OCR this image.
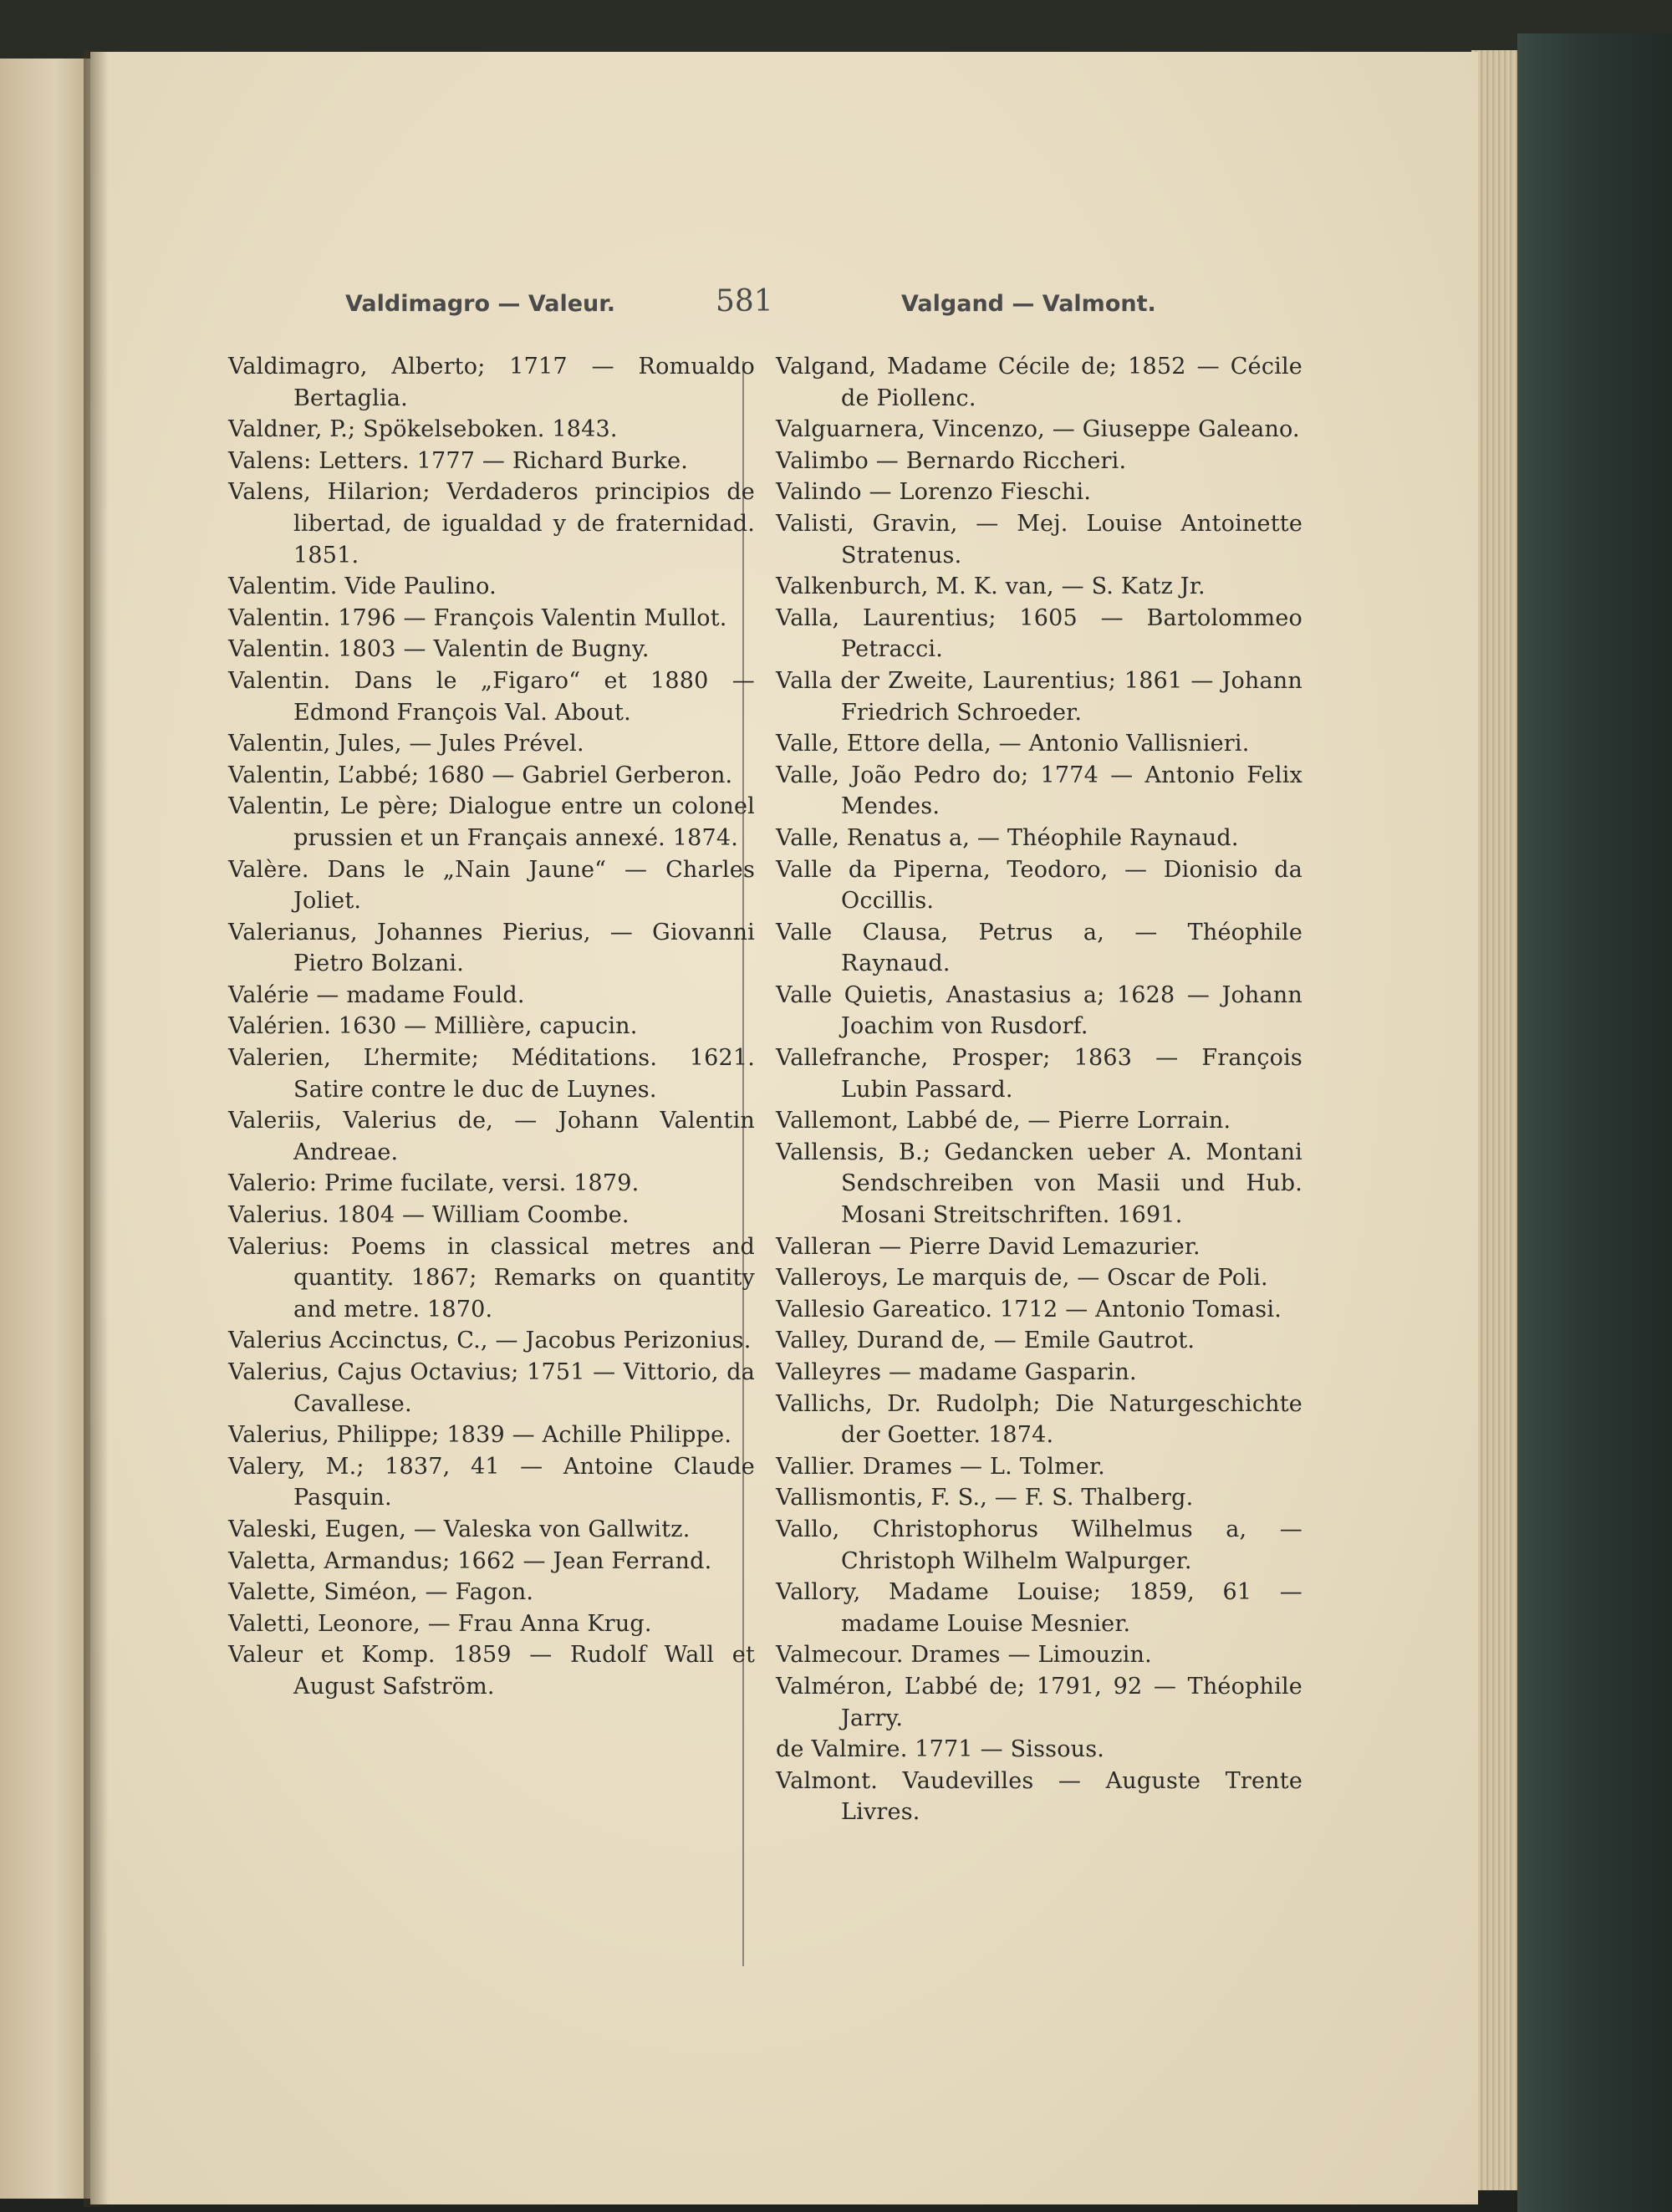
Valdimagro — Valeur.	581	Valgand — Valmont.

Valdimagro, Alberto; 1717 — Romualdo Bertaglia.

Valdner, P.; Spökelseboken. 1843.

Valens: Letters. 1777 — Richard Burke.

Valens, Hilarion; Verdaderos principios de libertad, de igualdad y de fraternidad. 1851.

Valentim. Vide Paulino.

Valentin. 1796 — François Valentin Mullot.

Valentin. 1803 — Valentin de Bugny.

Valentin. Dans le „Figaro“ et 1880 — Edmond François Val. About.

Valentin, Jules, — Jules Prével.

Valentin, L’abbé; 1680 — Gabriel Gerberon.

Valentin, Le père; Dialogue entre un colonel prussien et un Français annexé. 1874.

Valère. Dans le „Nain Jaune“ — Charles Joliet.

Valerianus, Johannes Pierius, — Giovanni Pietro Bolzani.

Valérie — madame Fould.

Valérien. 1630 — Millière, capucin.

Valerien, L’hermite; Méditations. 1621. Satire contre le duc de Luynes.

Valeriis, Valerius de, — Johann Valentin Andreae.

Valerio: Prime fucilate, versi. 1879.

Valerius. 1804 — William Coombe.

Valerius: Poems in classical metres and quantity. 1867; Remarks on quantity and metre. 1870.

Valerius Accinctus, C., — Jacobus Perizonius.

Valerius, Cajus Octavius; 1751 — Vittorio, da Cavallese.

Valerius, Philippe; 1839 — Achille Philippe.

Valery, M.; 1837, 41 — Antoine Claude Pasquin.

Valeski, Eugen, — Valeska von Gallwitz.

Valetta, Armandus; 1662 — Jean Ferrand.

Valette, Siméon, — Fagon.

Valetti, Leonore, — Frau Anna Krug.

Valeur et Komp. 1859 — Rudolf Wall et August Safström.

Valgand, Madame Cécile de; 1852 — Cécile de Piollenc.

Valguarnera, Vincenzo, — Giuseppe Galeano.

Valimbo — Bernardo Riccheri.

Valindo — Lorenzo Fieschi.

Valisti, Gravin, — Mej. Louise Antoinette Stratenus.

Valkenburch, M. K. van, — S. Katz Jr.

Valla, Laurentius; 1605 — Bartolommeo Petracci.

Valla der Zweite, Laurentius; 1861 — Johann Friedrich Schroeder.

Valle, Ettore della, — Antonio Vallisnieri.

Valle, João Pedro do; 1774 — Antonio Felix Mendes.

Valle, Renatus a, — Théophile Raynaud.

Valle da Piperna, Teodoro, — Dionisio da Occillis.

Valle Clausa, Petrus a, — Théophile Raynaud.

Valle Quietis, Anastasius a; 1628 — Johann Joachim von Rusdorf.

Vallefranche, Prosper; 1863 — François Lubin Passard.

Vallemont, Labbé de, — Pierre Lorrain.

Vallensis, B.; Gedancken ueber A. Montani Sendschreiben von Masii und Hub. Mosani Streitschriften. 1691.

Valleran — Pierre David Lemazurier.

Valleroys, Le marquis de, — Oscar de Poli.

Vallesio Gareatico. 1712 — Antonio Tomasi.

Valley, Durand de, — Emile Gautrot.

Valleyres — madame Gasparin.

Vallichs, Dr. Rudolph; Die Naturgeschichte der Goetter. 1874.

Vallier. Drames — L. Tolmer.

Vallismontis, F. S., — F. S. Thalberg.

Vallo, Christophorus Wilhelmus a, — Christoph Wilhelm Walpurger.

Vallory, Madame Louise; 1859, 61 — madame Louise Mesnier.

Valmecour. Drames — Limouzin.

Valméron, L’abbé de; 1791, 92 — Théophile Jarry.

de Valmire. 1771 — Sissous.

Valmont. Vaudevilles — Auguste Trente Livres.
